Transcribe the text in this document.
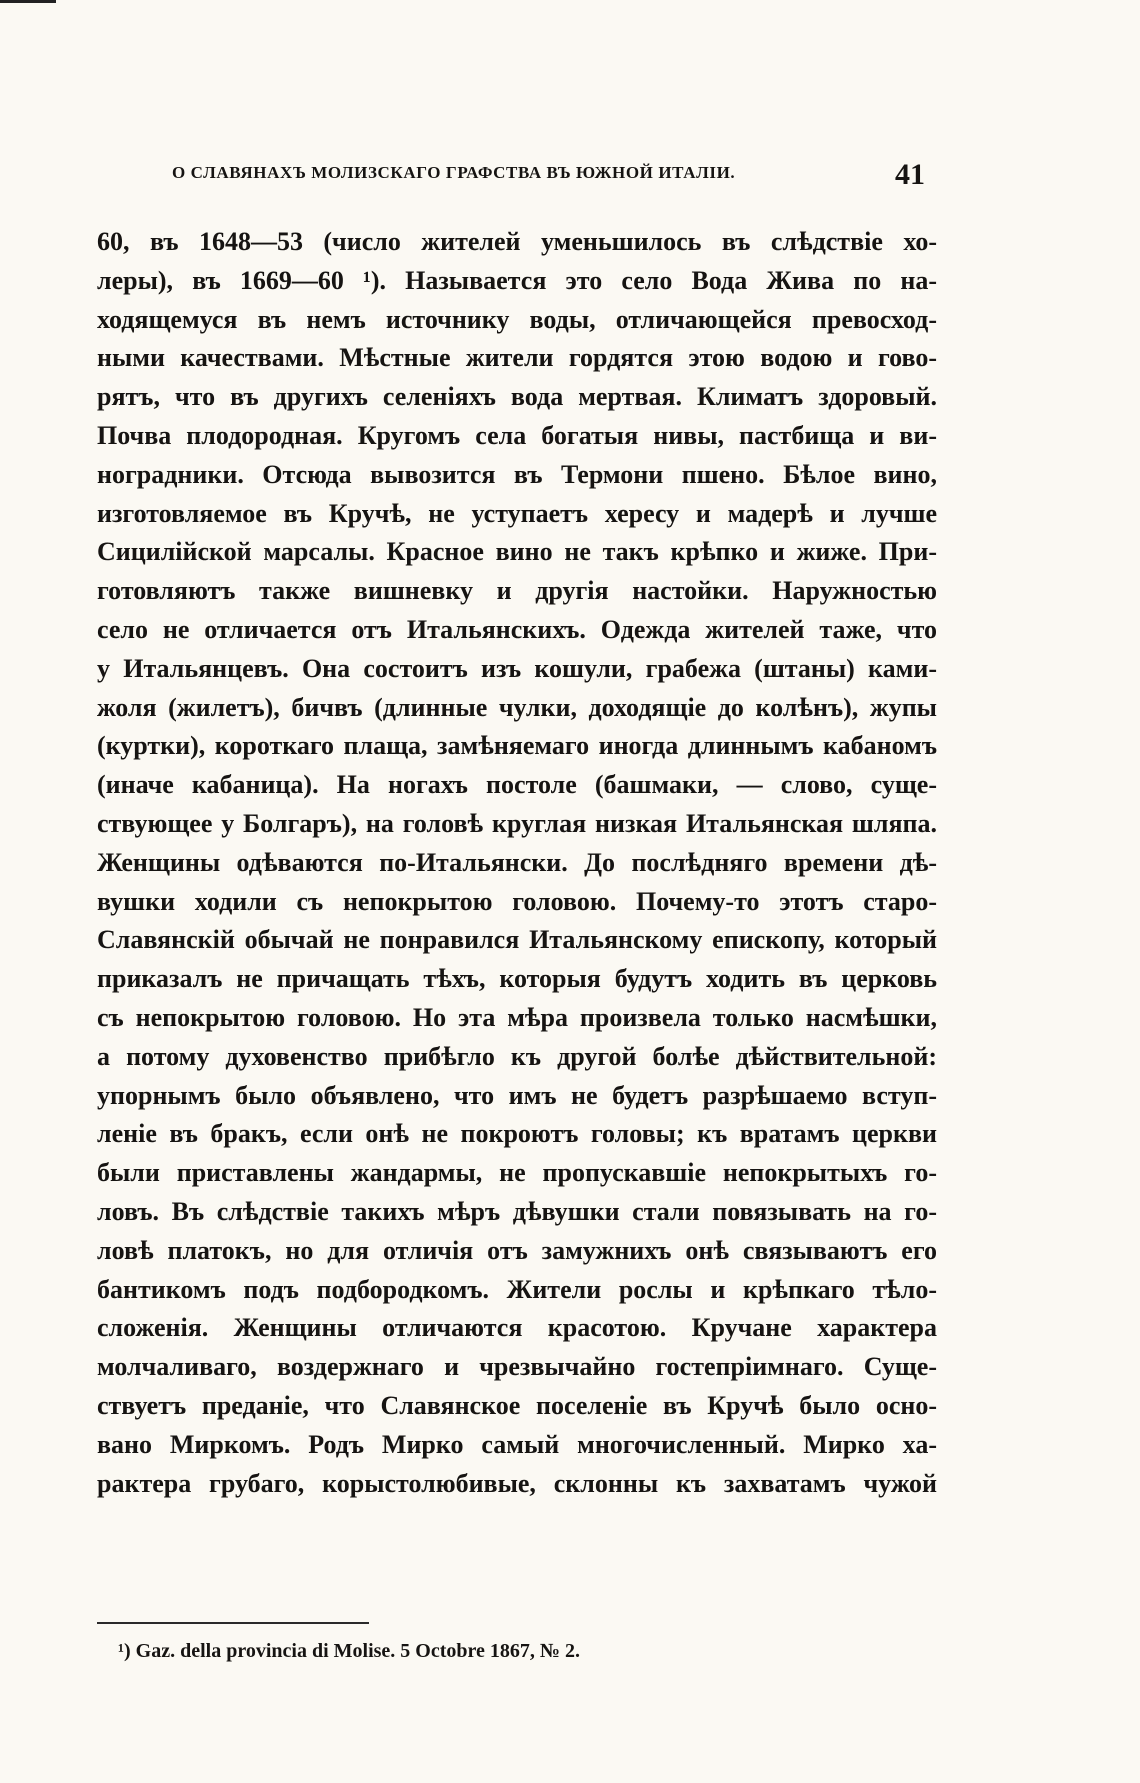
О СЛАВЯНАХЪ МОЛИЗСКАГО ГРАФСТВА ВЪ ЮЖНОЙ ИТАЛІИ.	41
60, въ 1648—53 (число жителей уменьшилось въ слѣдствіе хо-
леры), въ 1669—60 ¹). Называется это село Вода Жива по на-
ходящемуся въ немъ источнику воды, отличающейся превосход-
ными качествами. Мѣстные жители гордятся этою водою и гово-
рятъ, что въ другихъ селеніяхъ вода мертвая. Климатъ здоровый.
Почва плодородная. Кругомъ села богатыя нивы, пастбища и ви-
ноградники. Отсюда вывозится въ Термони пшено. Бѣлое вино,
изготовляемое въ Кручѣ, не уступаетъ хересу и мадерѣ и лучше
Сицилійской марсалы. Красное вино не такъ крѣпко и жиже. При-
готовляютъ также вишневку и другія настойки. Наружностью
село не отличается отъ Итальянскихъ. Одежда жителей таже, что
у Итальянцевъ. Она состоитъ изъ кошули, грабежа (штаны) ками-
жоля (жилетъ), бичвъ (длинные чулки, доходящіе до колѣнъ), жупы
(куртки), короткаго плаща, замѣняемаго иногда длиннымъ кабаномъ
(иначе кабаница). На ногахъ постоле (башмаки, — слово, суще-
ствующее у Болгаръ), на головѣ круглая низкая Итальянская шляпа.
Женщины одѣваются по-Итальянски. До послѣдняго времени дѣ-
вушки ходили съ непокрытою головою. Почему-то этотъ старо-
Славянскій обычай не понравился Итальянскому епископу, который
приказалъ не причащать тѣхъ, которыя будутъ ходить въ церковь
съ непокрытою головою. Но эта мѣра произвела только насмѣшки,
а потому духовенство прибѣгло къ другой болѣе дѣйствительной:
упорнымъ было объявлено, что имъ не будетъ разрѣшаемо вступ-
леніе въ бракъ, если онѣ не покроютъ головы; къ вратамъ церкви
были приставлены жандармы, не пропускавшіе непокрытыхъ го-
ловъ. Въ слѣдствіе такихъ мѣръ дѣвушки стали повязывать на го-
ловѣ платокъ, но для отличія отъ замужнихъ онѣ связываютъ его
бантикомъ подъ подбородкомъ. Жители рослы и крѣпкаго тѣло-
сложенія. Женщины отличаются красотою. Кручане характера
молчаливаго, воздержнаго и чрезвычайно гостепріимнаго. Суще-
ствуетъ преданіе, что Славянское поселеніе въ Кручѣ было осно-
вано Миркомъ. Родъ Мирко самый многочисленный. Мирко ха-
рактера грубаго, корыстолюбивые, склонны къ захватамъ чужой
¹) Gaz. della provincia di Molise. 5 Octobre 1867, № 2.
